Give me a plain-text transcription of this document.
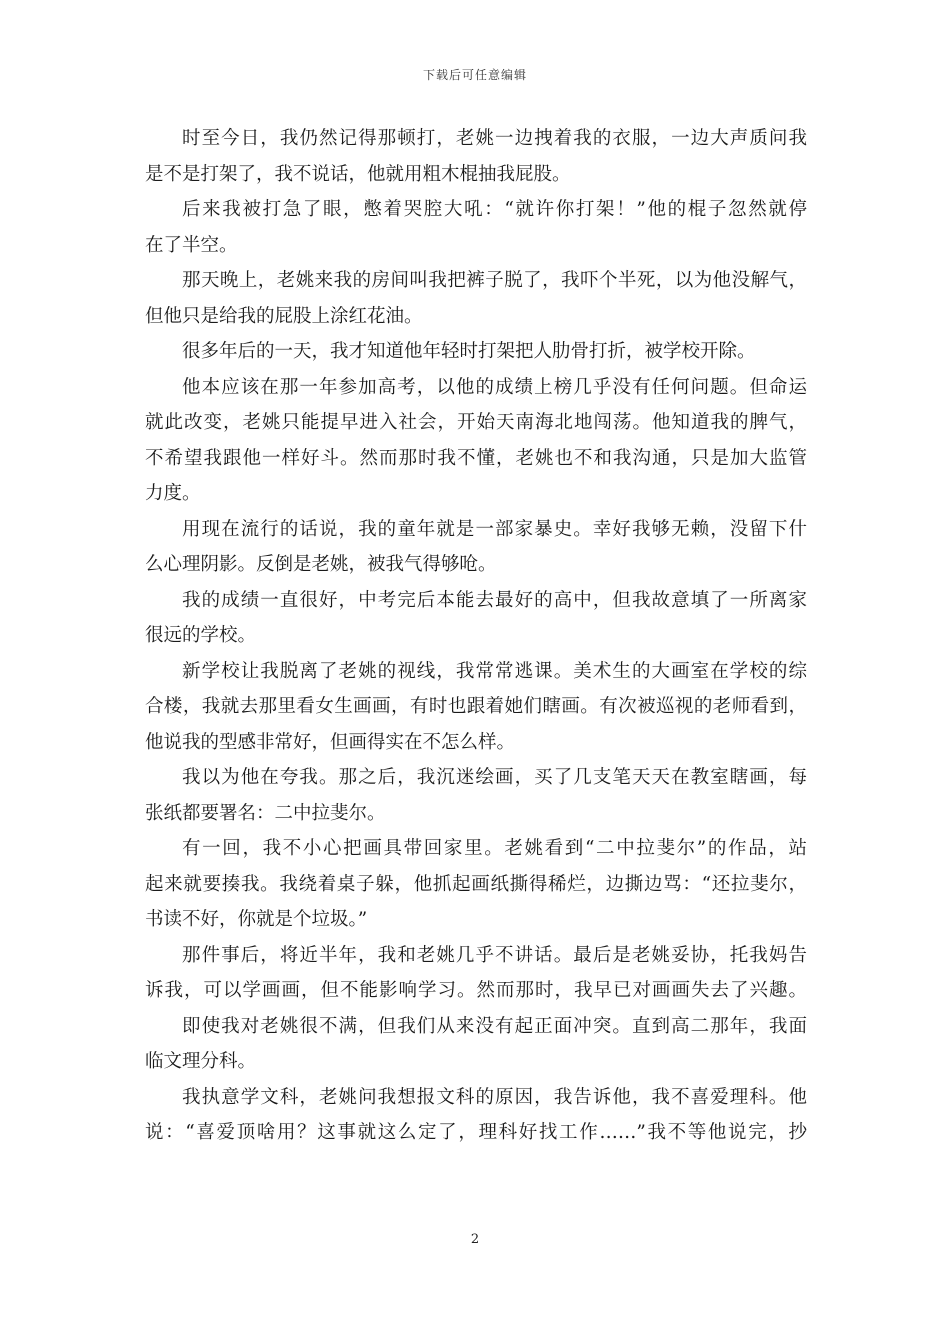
下载后可任意编辑
时至今日，我仍然记得那顿打，老姚一边拽着我的衣服，一边大声质问我
是不是打架了，我不说话，他就用粗木棍抽我屁股。
后来我被打急了眼，憋着哭腔大吼：“就许你打架！”他的棍子忽然就停
在了半空。
那天晚上，老姚来我的房间叫我把裤子脱了，我吓个半死，以为他没解气，
但他只是给我的屁股上涂红花油。
很多年后的一天，我才知道他年轻时打架把人肋骨打折，被学校开除。
他本应该在那一年参加高考，以他的成绩上榜几乎没有任何问题。但命运
就此改变，老姚只能提早进入社会，开始天南海北地闯荡。他知道我的脾气，
不希望我跟他一样好斗。然而那时我不懂，老姚也不和我沟通，只是加大监管
力度。
用现在流行的话说，我的童年就是一部家暴史。幸好我够无赖，没留下什
么心理阴影。反倒是老姚，被我气得够呛。
我的成绩一直很好，中考完后本能去最好的高中，但我故意填了一所离家
很远的学校。
新学校让我脱离了老姚的视线，我常常逃课。美术生的大画室在学校的综
合楼，我就去那里看女生画画，有时也跟着她们瞎画。有次被巡视的老师看到，
他说我的型感非常好，但画得实在不怎么样。
我以为他在夸我。那之后，我沉迷绘画，买了几支笔天天在教室瞎画，每
张纸都要署名：二中拉斐尔。
有一回，我不小心把画具带回家里。老姚看到“二中拉斐尔”的作品，站
起来就要揍我。我绕着桌子躲，他抓起画纸撕得稀烂，边撕边骂：“还拉斐尔，
书读不好，你就是个垃圾。”
那件事后，将近半年，我和老姚几乎不讲话。最后是老姚妥协，托我妈告
诉我，可以学画画，但不能影响学习。然而那时，我早已对画画失去了兴趣。
即使我对老姚很不满，但我们从来没有起正面冲突。直到高二那年，我面
临文理分科。
我执意学文科，老姚问我想报文科的原因，我告诉他，我不喜爱理科。他
说：“喜爱顶啥用？这事就这么定了，理科好找工作……”我不等他说完，抄
2
